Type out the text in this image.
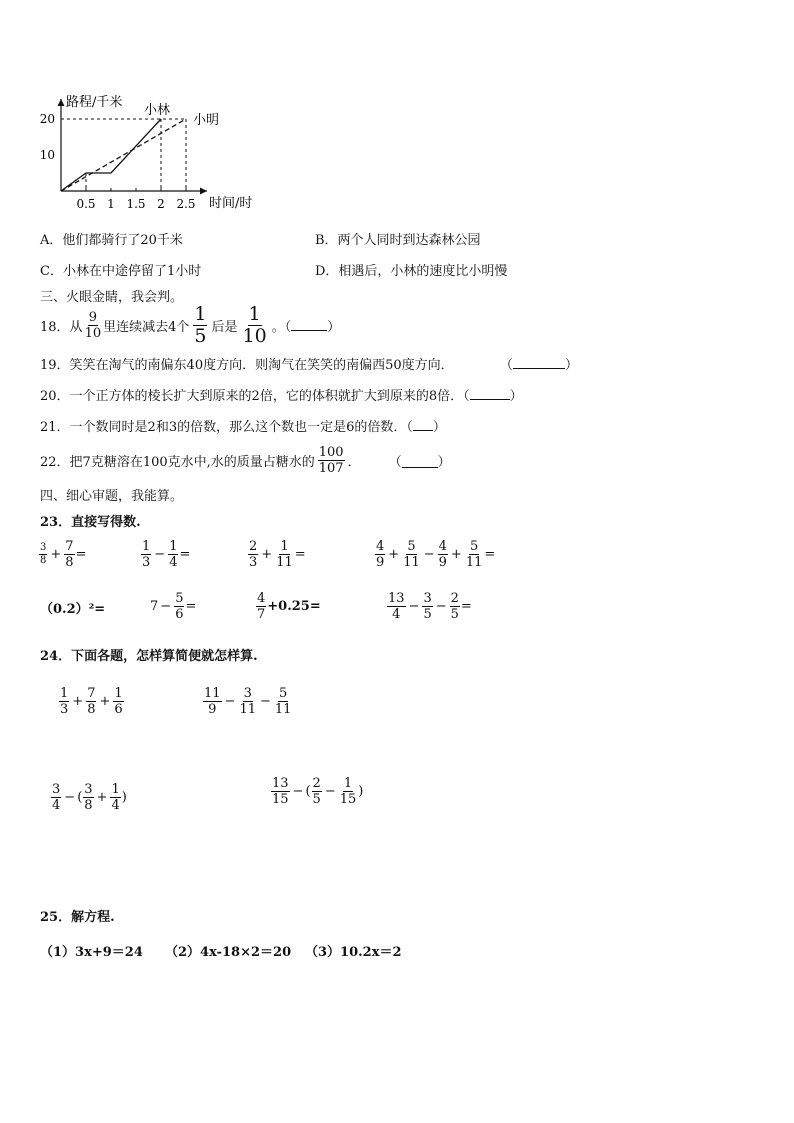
路程/千米
时间/时
0.5 1 1.5 2 2.5
10
20
小林
小明
A．他们都骑行了20千米	B．两个人同时到达森林公园
C．小林在中途停留了1小时	D．相遇后，小林的速度比小明慢
三、火眼金睛，我会判。
18． 从 $\frac{9}{10}$ 里连续减去4个 $\frac{1}{5}$ 后是 $\frac{1}{10}$ 。（	）
19．笑笑在淘气的南偏东40度方向．则淘气在笑笑的南偏西50度方向．	（	）
20．一个正方体的棱长扩大到原来的2倍，它的体积就扩大到原来的8倍．（	）
21．一个数同时是2和3的倍数，那么这个数也一定是6的倍数．（ ）
22．把7克糖溶在100克水中,水的质量占糖水的 $\frac{100}{107}$ ． （	）
四、细心审题，我能算。
23．直接写得数.
$\frac{3}{8} + \frac{7}{8}$ =	$\frac{1}{3} - \frac{1}{4}$ =	$\frac{2}{3} + \frac{1}{11}$ =	$\frac{4}{9} + \frac{5}{11} - \frac{4}{9} + \frac{5}{11}$ =
（0.2）²=	$7 - \frac{5}{6}$ =	$\frac{4}{7} +0.25=$	$\frac{13}{4} - \frac{3}{5} - \frac{2}{5}$ =
24．下面各题，怎样算简便就怎样算.
$\frac{1}{3} + \frac{7}{8} + \frac{1}{6}$	$\frac{11}{9} - \frac{3}{11} - \frac{5}{11}$
$\frac{3}{4}$ − ( $\frac{3}{8} + \frac{1}{4}$ )	$\frac{13}{15}$ − ( $\frac{2}{5} - \frac{1}{15}$ )
25．解方程.
（1）3x+9＝24 （2）4x-18×2＝20 （3）10.2x＝2
